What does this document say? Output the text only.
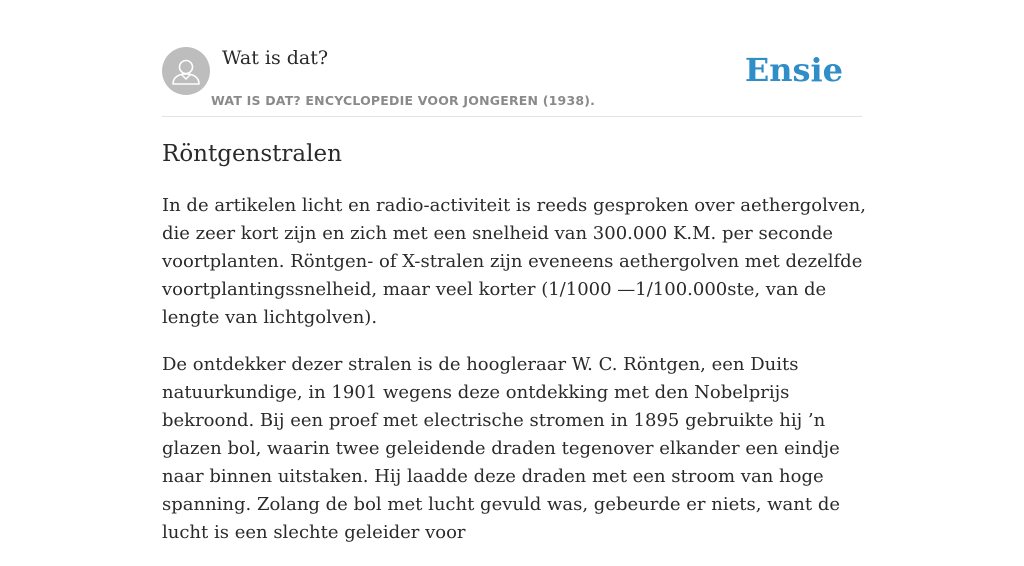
Wat is dat?
WAT IS DAT? ENCYCLOPEDIE VOOR JONGEREN (1938).
Ensie
Röntgenstralen

In de artikelen licht en radio-activiteit is reeds gesproken over aethergolven, die zeer kort zijn en zich met een snelheid van 300.000 K.M. per seconde voortplanten. Röntgen- of X-stralen zijn eveneens aethergolven met dezelfde voortplantingssnelheid, maar veel korter (1/1000 —1/100.000ste, van de lengte van lichtgolven).

De ontdekker dezer stralen is de hoogleraar W. C. Röntgen, een Duits natuurkundige, in 1901 wegens deze ontdekking met den Nobelprijs bekroond. Bij een proef met electrische stromen in 1895 gebruikte hij ’n glazen bol, waarin twee geleidende draden tegenover elkander een eindje naar binnen uitstaken. Hij laadde deze draden met een stroom van hoge spanning. Zolang de bol met lucht gevuld was, gebeurde er niets, want de lucht is een slechte geleider voor
